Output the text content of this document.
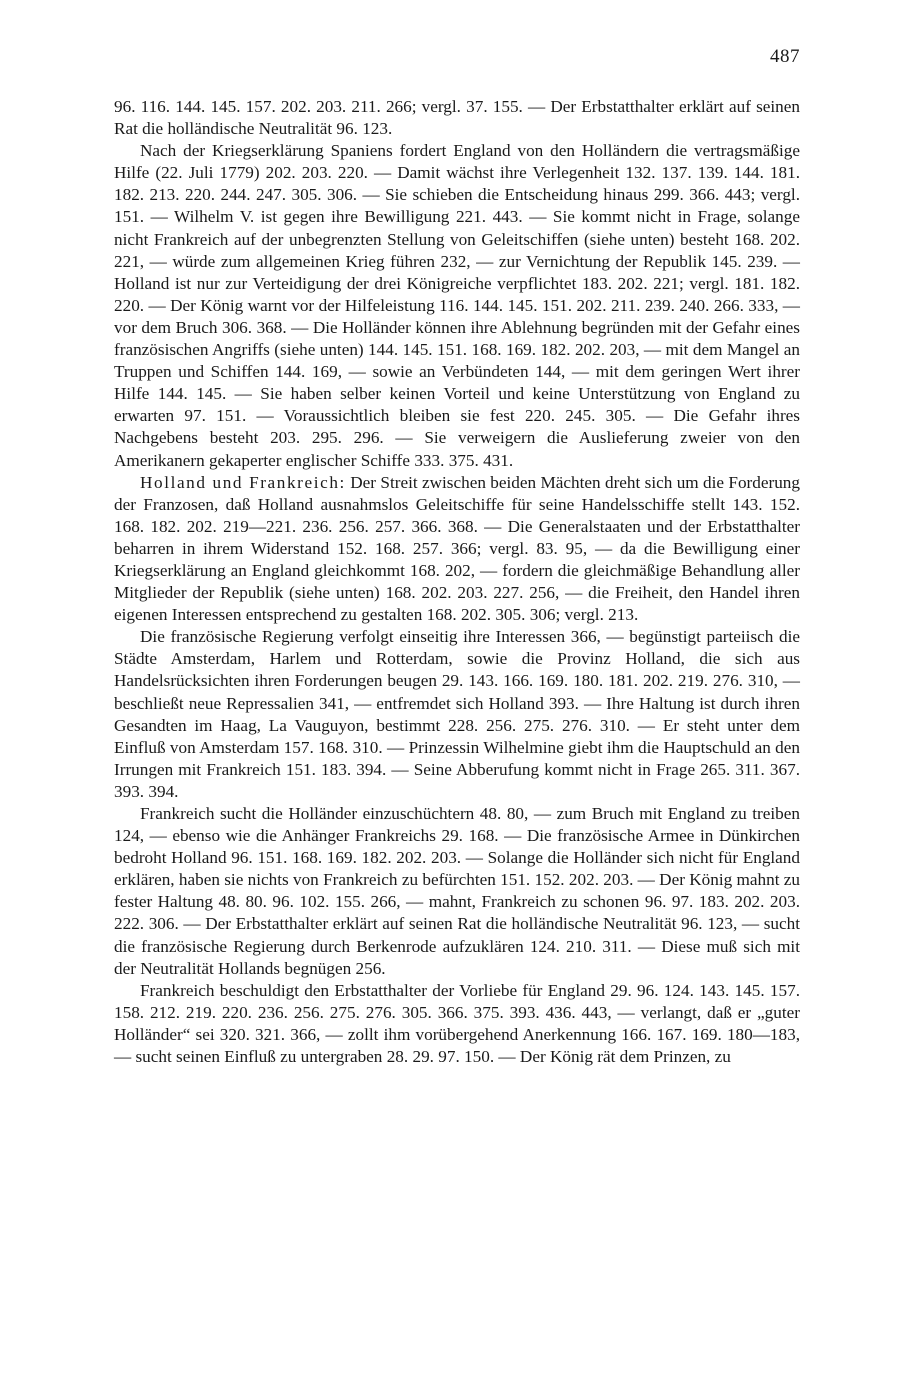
487

96. 116. 144. 145. 157. 202. 203. 211. 266; vergl. 37. 155. — Der Erbstatthalter erklärt auf seinen Rat die holländische Neutralität 96. 123.

Nach der Kriegserklärung Spaniens fordert England von den Holländern die vertragsmäßige Hilfe (22. Juli 1779) 202. 203. 220. — Damit wächst ihre Verlegenheit 132. 137. 139. 144. 181. 182. 213. 220. 244. 247. 305. 306. — Sie schieben die Entscheidung hinaus 299. 366. 443; vergl. 151. — Wilhelm V. ist gegen ihre Bewilligung 221. 443. — Sie kommt nicht in Frage, solange nicht Frankreich auf der unbegrenzten Stellung von Geleitschiffen (siehe unten) besteht 168. 202. 221, — würde zum allgemeinen Krieg führen 232, — zur Vernichtung der Republik 145. 239. — Holland ist nur zur Verteidigung der drei Königreiche verpflichtet 183. 202. 221; vergl. 181. 182. 220. — Der König warnt vor der Hilfeleistung 116. 144. 145. 151. 202. 211. 239. 240. 266. 333, — vor dem Bruch 306. 368. — Die Holländer können ihre Ablehnung begründen mit der Gefahr eines französischen Angriffs (siehe unten) 144. 145. 151. 168. 169. 182. 202. 203, — mit dem Mangel an Truppen und Schiffen 144. 169, — sowie an Verbündeten 144, — mit dem geringen Wert ihrer Hilfe 144. 145. — Sie haben selber keinen Vorteil und keine Unterstützung von England zu erwarten 97. 151. — Voraussichtlich bleiben sie fest 220. 245. 305. — Die Gefahr ihres Nachgebens besteht 203. 295. 296. — Sie verweigern die Auslieferung zweier von den Amerikanern gekaperter englischer Schiffe 333. 375. 431.

Holland und Frankreich: Der Streit zwischen beiden Mächten dreht sich um die Forderung der Franzosen, daß Holland ausnahmslos Geleitschiffe für seine Handelsschiffe stellt 143. 152. 168. 182. 202. 219—221. 236. 256. 257. 366. 368. — Die Generalstaaten und der Erbstatthalter beharren in ihrem Widerstand 152. 168. 257. 366; vergl. 83. 95, — da die Bewilligung einer Kriegserklärung an England gleichkommt 168. 202, — fordern die gleichmäßige Behandlung aller Mitglieder der Republik (siehe unten) 168. 202. 203. 227. 256, — die Freiheit, den Handel ihren eigenen Interessen entsprechend zu gestalten 168. 202. 305. 306; vergl. 213.

Die französische Regierung verfolgt einseitig ihre Interessen 366, — begünstigt parteiisch die Städte Amsterdam, Harlem und Rotterdam, sowie die Provinz Holland, die sich aus Handelsrücksichten ihren Forderungen beugen 29. 143. 166. 169. 180. 181. 202. 219. 276. 310, — beschließt neue Repressalien 341, — entfremdet sich Holland 393. — Ihre Haltung ist durch ihren Gesandten im Haag, La Vauguyon, bestimmt 228. 256. 275. 276. 310. — Er steht unter dem Einfluß von Amsterdam 157. 168. 310. — Prinzessin Wilhelmine giebt ihm die Hauptschuld an den Irrungen mit Frankreich 151. 183. 394. — Seine Abberufung kommt nicht in Frage 265. 311. 367. 393. 394.

Frankreich sucht die Holländer einzuschüchtern 48. 80, — zum Bruch mit England zu treiben 124, — ebenso wie die Anhänger Frankreichs 29. 168. — Die französische Armee in Dünkirchen bedroht Holland 96. 151. 168. 169. 182. 202. 203. — Solange die Holländer sich nicht für England erklären, haben sie nichts von Frankreich zu befürchten 151. 152. 202. 203. — Der König mahnt zu fester Haltung 48. 80. 96. 102. 155. 266, — mahnt, Frankreich zu schonen 96. 97. 183. 202. 203. 222. 306. — Der Erbstatthalter erklärt auf seinen Rat die holländische Neutralität 96. 123, — sucht die französische Regierung durch Berkenrode aufzuklären 124. 210. 311. — Diese muß sich mit der Neutralität Hollands begnügen 256.

Frankreich beschuldigt den Erbstatthalter der Vorliebe für England 29. 96. 124. 143. 145. 157. 158. 212. 219. 220. 236. 256. 275. 276. 305. 366. 375. 393. 436. 443, — verlangt, daß er „guter Holländer“ sei 320. 321. 366, — zollt ihm vorübergehend Anerkennung 166. 167. 169. 180—183, — sucht seinen Einfluß zu untergraben 28. 29. 97. 150. — Der König rät dem Prinzen, zu
